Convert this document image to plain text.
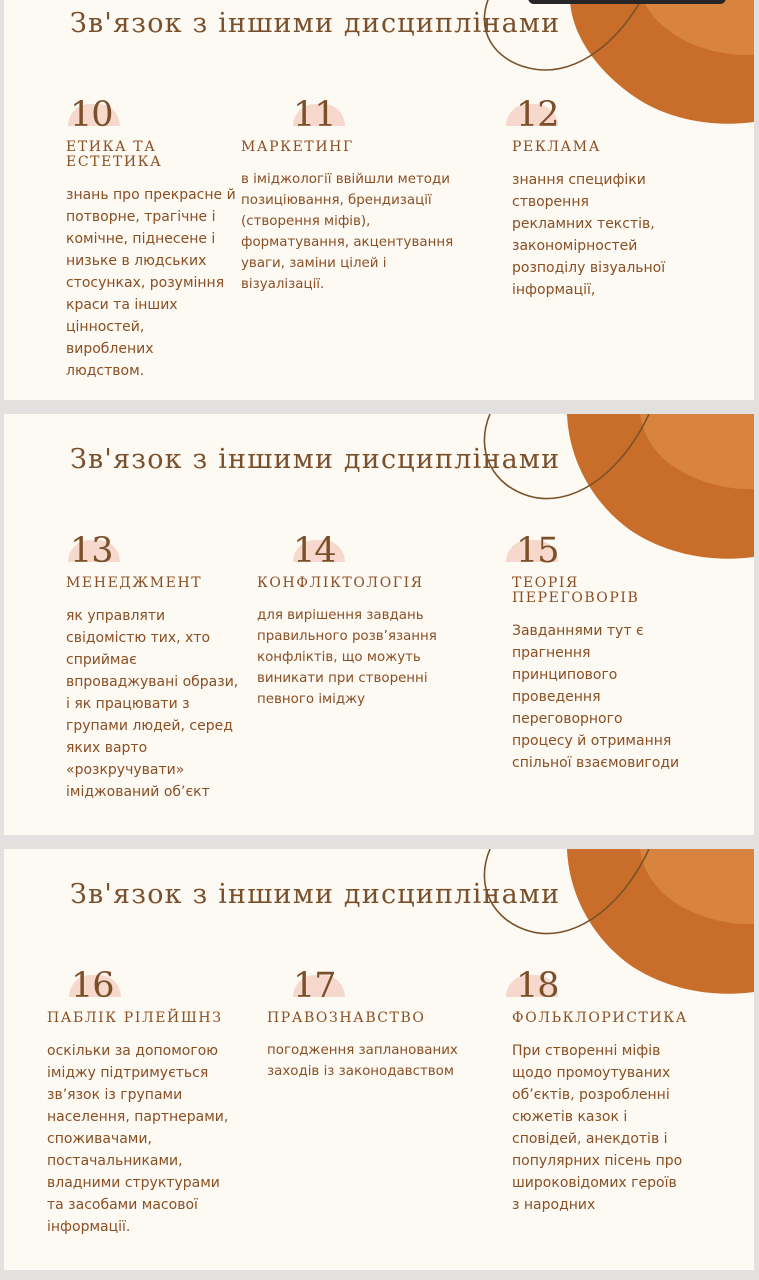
Зв'язок з іншими дисциплінами
10
ЕТИКА ТА ЕСТЕТИКА

знань про прекрасне й потворне, трагічне і комічне, піднесене і низьке в людських стосунках, розуміння краси та інших цінностей, вироблених людством.

11
МАРКЕТИНГ

в іміджології ввійшли методи позиціювання, брендизації (створення міфів), форматування, акцентування уваги, заміни цілей і візуалізації.

12
РЕКЛАМА

знання специфіки створення рекламних текстів, закономірностей розподілу візуальної інформації,

Зв'язок з іншими дисциплінами
13
МЕНЕДЖМЕНТ

як управляти свідомістю тих, хто сприймає впроваджувані образи, і як працювати з групами людей, серед яких варто «розкручувати» іміджований об’єкт

14
КОНФЛІКТОЛОГІЯ

для вирішення завдань правильного розв’язання конфліктів, що можуть виникати при створенні певного іміджу

15
ТЕОРІЯ ПЕРЕГОВОРІВ

Завданнями тут є прагнення принципового проведення переговорного процесу й отримання спільної взаємовигоди

Зв'язок з іншими дисциплінами
16
ПАБЛІК РІЛЕЙШНЗ

оскільки за допомогою іміджу підтримується зв’язок із групами населення, партнерами, споживачами, постачальниками, владними структурами та засобами масової інформації.

17
ПРАВОЗНАВСТВО

погодження запланованих заходів із законодавством

18
ФОЛЬКЛОРИСТИКА

При створенні міфів щодо промоутуваних об’єктів, розробленні сюжетів казок і сповідей, анекдотів і популярних пісень про широковідомих героїв з народних
